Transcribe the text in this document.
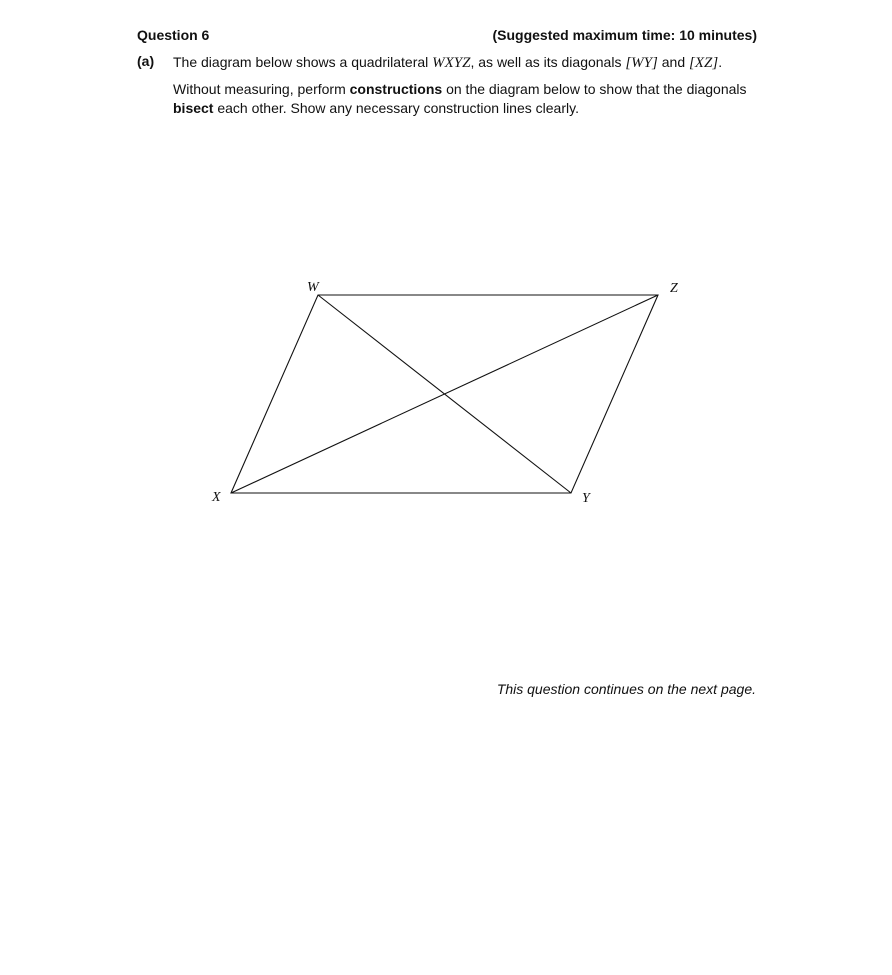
Question 6	(Suggested maximum time: 10 minutes)
(a) The diagram below shows a quadrilateral WXYZ, as well as its diagonals [WY] and [XZ].
Without measuring, perform constructions on the diagram below to show that the diagonals
bisect each other. Show any necessary construction lines clearly.
W	Z
X	Y
This question continues on the next page.
